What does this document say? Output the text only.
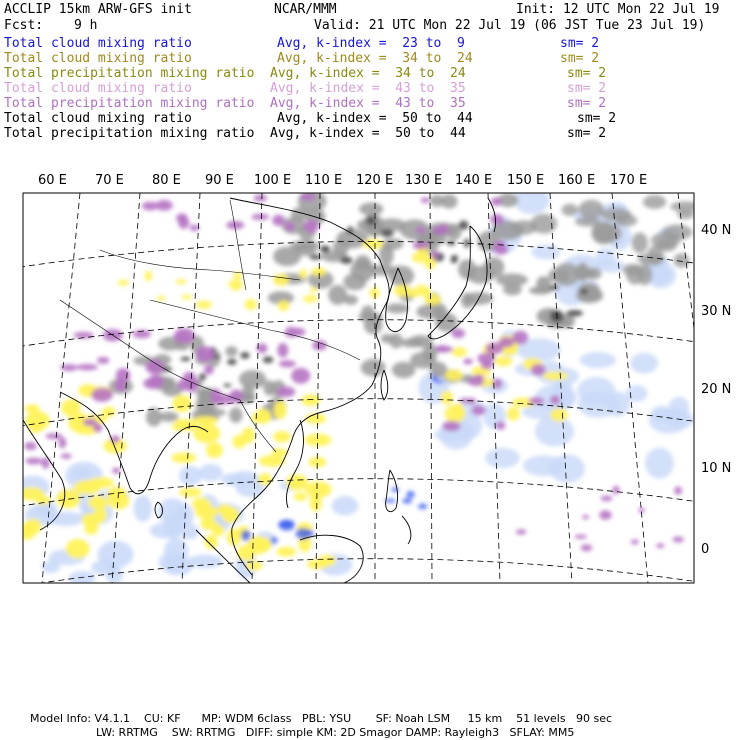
ACCLIP 15km ARW-GFS init	NCAR/MMM	Init: 12 UTC Mon 22 Jul 19
Fcst: 9 h	Valid: 21 UTC Mon 22 Jul 19 (06 JST Tue 23 Jul 19)
Total cloud mixing ratio	Avg, k-index =  23 to  9	sm= 2
Total cloud mixing ratio	Avg, k-index =  34 to  24	sm= 2
Total precipitation mixing ratio Avg, k-index =  34 to  24	sm= 2
Total cloud mixing ratio	Avg, k-index =  43 to  35	sm= 2
Total precipitation mixing ratio Avg, k-index =  43 to  35	sm= 2
Total cloud mixing ratio	Avg, k-index =  50 to  44	sm= 2
Total precipitation mixing ratio Avg, k-index =  50 to  44	sm= 2
60 E 70 E 80 E 90 E 100 E 110 E 120 E 130 E 140 E 150 E 160 E 170 E
40 N
30 N
20 N
10 N
0
Model Info: V4.1.1    CU: KF      MP: WDM 6class   PBL: YSU       SF: Noah LSM     15 km    51 levels   90 sec
LW: RRTMG    SW: RRTMG   DIFF: simple KM: 2D Smagor DAMP: Rayleigh3   SFLAY: MM5
